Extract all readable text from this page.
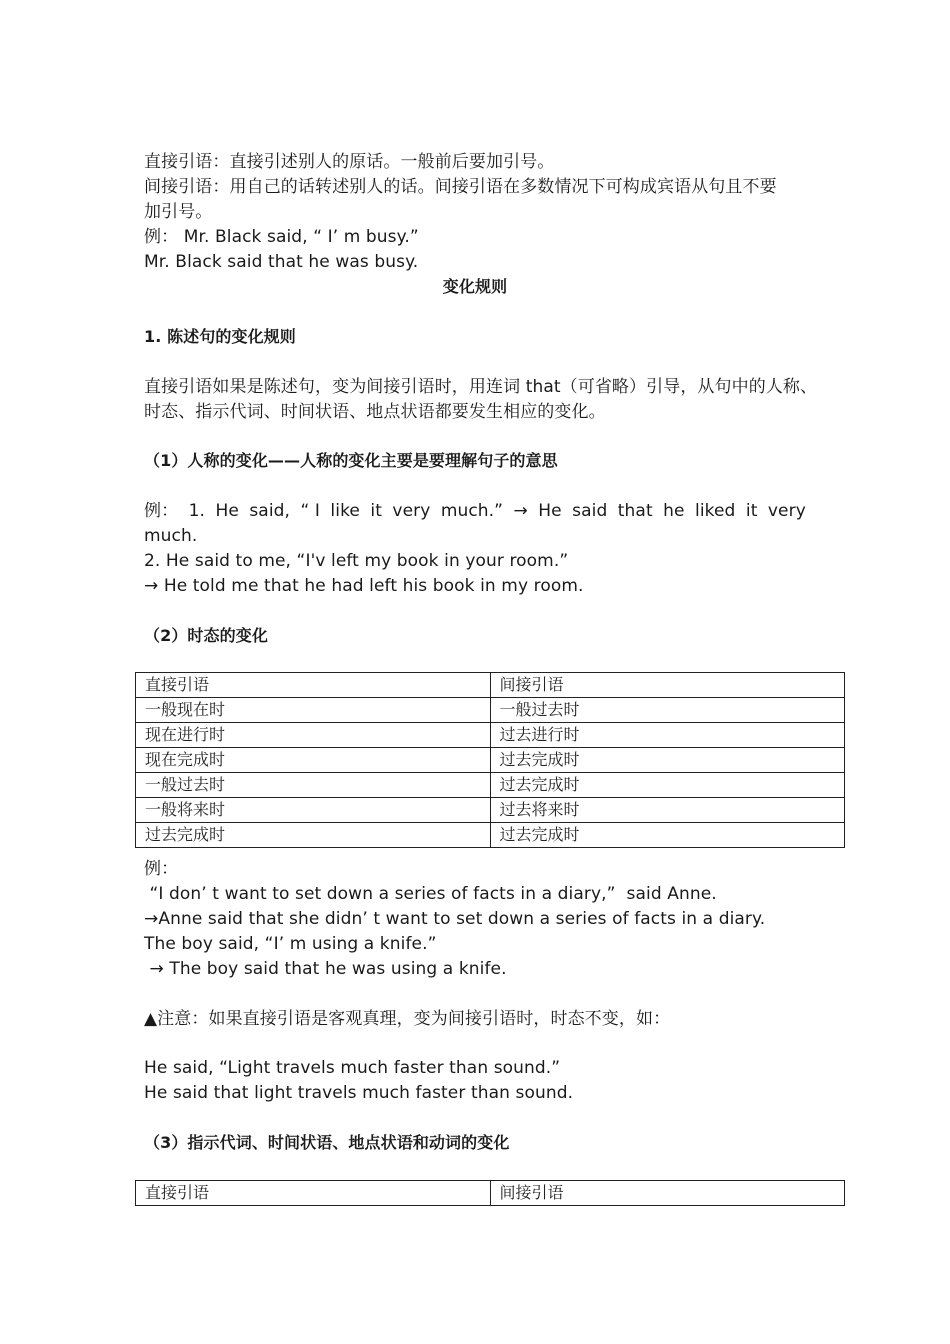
直接引语：直接引述别人的原话。一般前后要加引号。
间接引语：用自己的话转述别人的话。间接引语在多数情况下可构成宾语从句且不要
加引号。
例： Mr. Black said, “ I’ m busy.”
Mr. Black said that he was busy.
变化规则
1. 陈述句的变化规则
直接引语如果是陈述句，变为间接引语时，用连词 that（可省略）引导，从句中的人称、
时态、指示代词、时间状语、地点状语都要发生相应的变化。
（1）人称的变化——人称的变化主要是要理解句子的意思
例： 1. He said, “ I like it very much.” → He said that he liked it very
much.
2. He said to me, “I'v left my book in your room.”
→ He told me that he had left his book in my room.
（2）时态的变化
直接引语	间接引语
一般现在时	一般过去时
现在进行时	过去进行时
现在完成时	过去完成时
一般过去时	过去完成时
一般将来时	过去将来时
过去完成时	过去完成时
例：
“I don’ t want to set down a series of facts in a diary,”  said Anne.
→Anne said that she didn’ t want to set down a series of facts in a diary.
The boy said, “I’ m using a knife.”
→ The boy said that he was using a knife.
▲注意：如果直接引语是客观真理，变为间接引语时，时态不变，如：
He said, “Light travels much faster than sound.”
He said that light travels much faster than sound.
（3）指示代词、时间状语、地点状语和动词的变化
直接引语	间接引语
